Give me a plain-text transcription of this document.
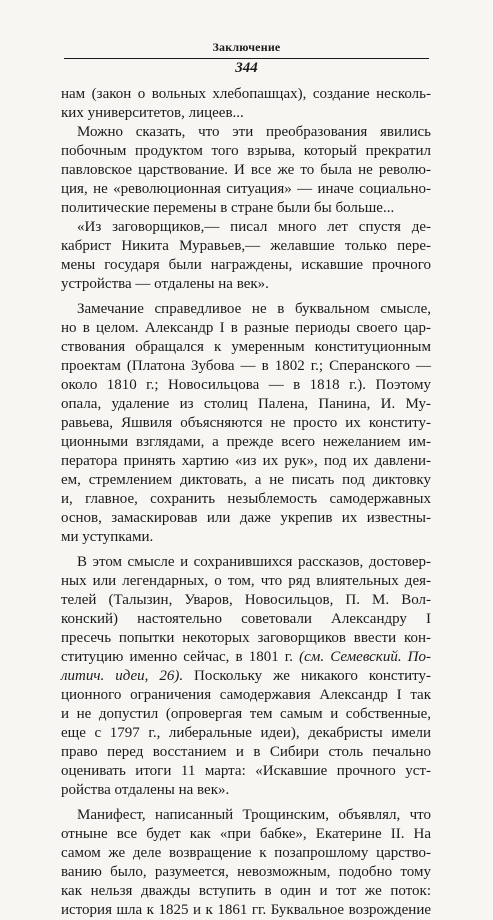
Заключение
344
нам (закон о вольных хлебопашцах), создание несколь-
ких университетов, лицеев...
Можно сказать, что эти преобразования явились
побочным продуктом того взрыва, который прекратил
павловское царствование. И все же то была не револю-
ция, не «революционная ситуация» — иначе социально-
политические перемены в стране были бы больше...
«Из заговорщиков,— писал много лет спустя де-
кабрист Никита Муравьев,— желавшие только пере-
мены государя были награждены, искавшие прочного
устройства — отдалены на век».
Замечание справедливое не в буквальном смысле,
но в целом. Александр I в разные периоды своего цар-
ствования обращался к умеренным конституционным
проектам (Платона Зубова — в 1802 г.; Сперанского —
около 1810 г.; Новосильцова — в 1818 г.). Поэтому
опала, удаление из столиц Палена, Панина, И. Му-
равьева, Яшвиля объясняются не просто их конститу-
ционными взглядами, а прежде всего нежеланием им-
ператора принять хартию «из их рук», под их давлени-
ем, стремлением диктовать, а не писать под диктовку
и, главное, сохранить незыблемость самодержавных
основ, замаскировав или даже укрепив их известны-
ми уступками.
В этом смысле и сохранившихся рассказов, достовер-
ных или легендарных, о том, что ряд влиятельных дея-
телей (Талызин, Уваров, Новосильцов, П. М. Вол-
конский) настоятельно советовали Александру I
пресечь попытки некоторых заговорщиков ввести кон-
ституцию именно сейчас, в 1801 г. (см. Семевский. По-
литич. идеи, 26). Поскольку же никакого конститу-
ционного ограничения самодержавия Александр I так
и не допустил (опровергая тем самым и собственные,
еще с 1797 г., либеральные идеи), декабристы имели
право перед восстанием и в Сибири столь печально
оценивать итоги 11 марта: «Искавшие прочного уст-
ройства отдалены на век».
Манифест, написанный Трощинским, объявлял, что
отныне все будет как «при бабке», Екатерине II. На
самом же деле возвращение к позапрошлому царство-
ванию было, разумеется, невозможным, подобно тому
как нельзя дважды вступить в один и тот же поток:
история шла к 1825 и к 1861 гг. Буквальное возрождение
